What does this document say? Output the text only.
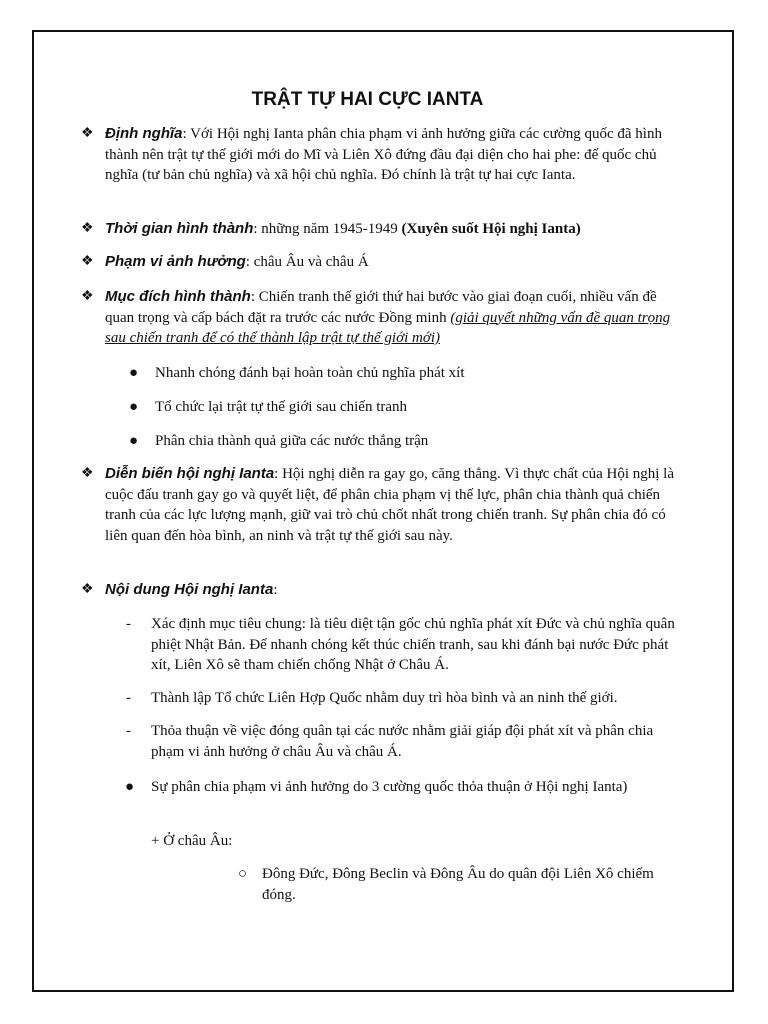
TRẬT TỰ HAI CỰC IANTA
❖ Định nghĩa: Với Hội nghị Ianta phân chia phạm vi ảnh hưởng giữa các cường quốc đã hình thành nên trật tự thế giới mới do Mĩ và Liên Xô đứng đầu đại diện cho hai phe: đế quốc chủ nghĩa (tư bản chủ nghĩa) và xã hội chủ nghĩa. Đó chính là trật tự hai cực Ianta.
❖ Thời gian hình thành: những năm 1945-1949 (Xuyên suốt Hội nghị Ianta)
❖ Phạm vi ảnh hưởng: châu Âu và châu Á
❖ Mục đích hình thành: Chiến tranh thế giới thứ hai bước vào giai đoạn cuối, nhiều vấn đề quan trọng và cấp bách đặt ra trước các nước Đồng minh (giải quyết những vấn đề quan trọng sau chiến tranh để có thể thành lập trật tự thế giới mới)
● Nhanh chóng đánh bại hoàn toàn chủ nghĩa phát xít
● Tổ chức lại trật tự thế giới sau chiến tranh
● Phân chia thành quả giữa các nước thắng trận
❖ Diễn biến hội nghị Ianta: Hội nghị diễn ra gay go, căng thẳng. Vì thực chất của Hội nghị là cuộc đấu tranh gay go và quyết liệt, để phân chia phạm vị thế lực, phân chia thành quả chiến tranh của các lực lượng mạnh, giữ vai trò chủ chốt nhất trong chiến tranh. Sự phân chia đó có liên quan đến hòa bình, an ninh và trật tự thế giới sau này.
❖ Nội dung Hội nghị Ianta:
- Xác định mục tiêu chung: là tiêu diệt tận gốc chủ nghĩa phát xít Đức và chủ nghĩa quân phiệt Nhật Bản. Để nhanh chóng kết thúc chiến tranh, sau khi đánh bại nước Đức phát xít, Liên Xô sẽ tham chiến chống Nhật ở Châu Á.
- Thành lập Tổ chức Liên Hợp Quốc nhằm duy trì hòa bình và an ninh thế giới.
- Thỏa thuận về việc đóng quân tại các nước nhằm giải giáp đội phát xít và phân chia phạm vi ảnh hưởng ở châu Âu và châu Á.
● Sự phân chia phạm vi ảnh hưởng do 3 cường quốc thỏa thuận ở Hội nghị Ianta)
+ Ở châu Âu:
○ Đông Đức, Đông Beclin và Đông Âu do quân đội Liên Xô chiếm đóng.
